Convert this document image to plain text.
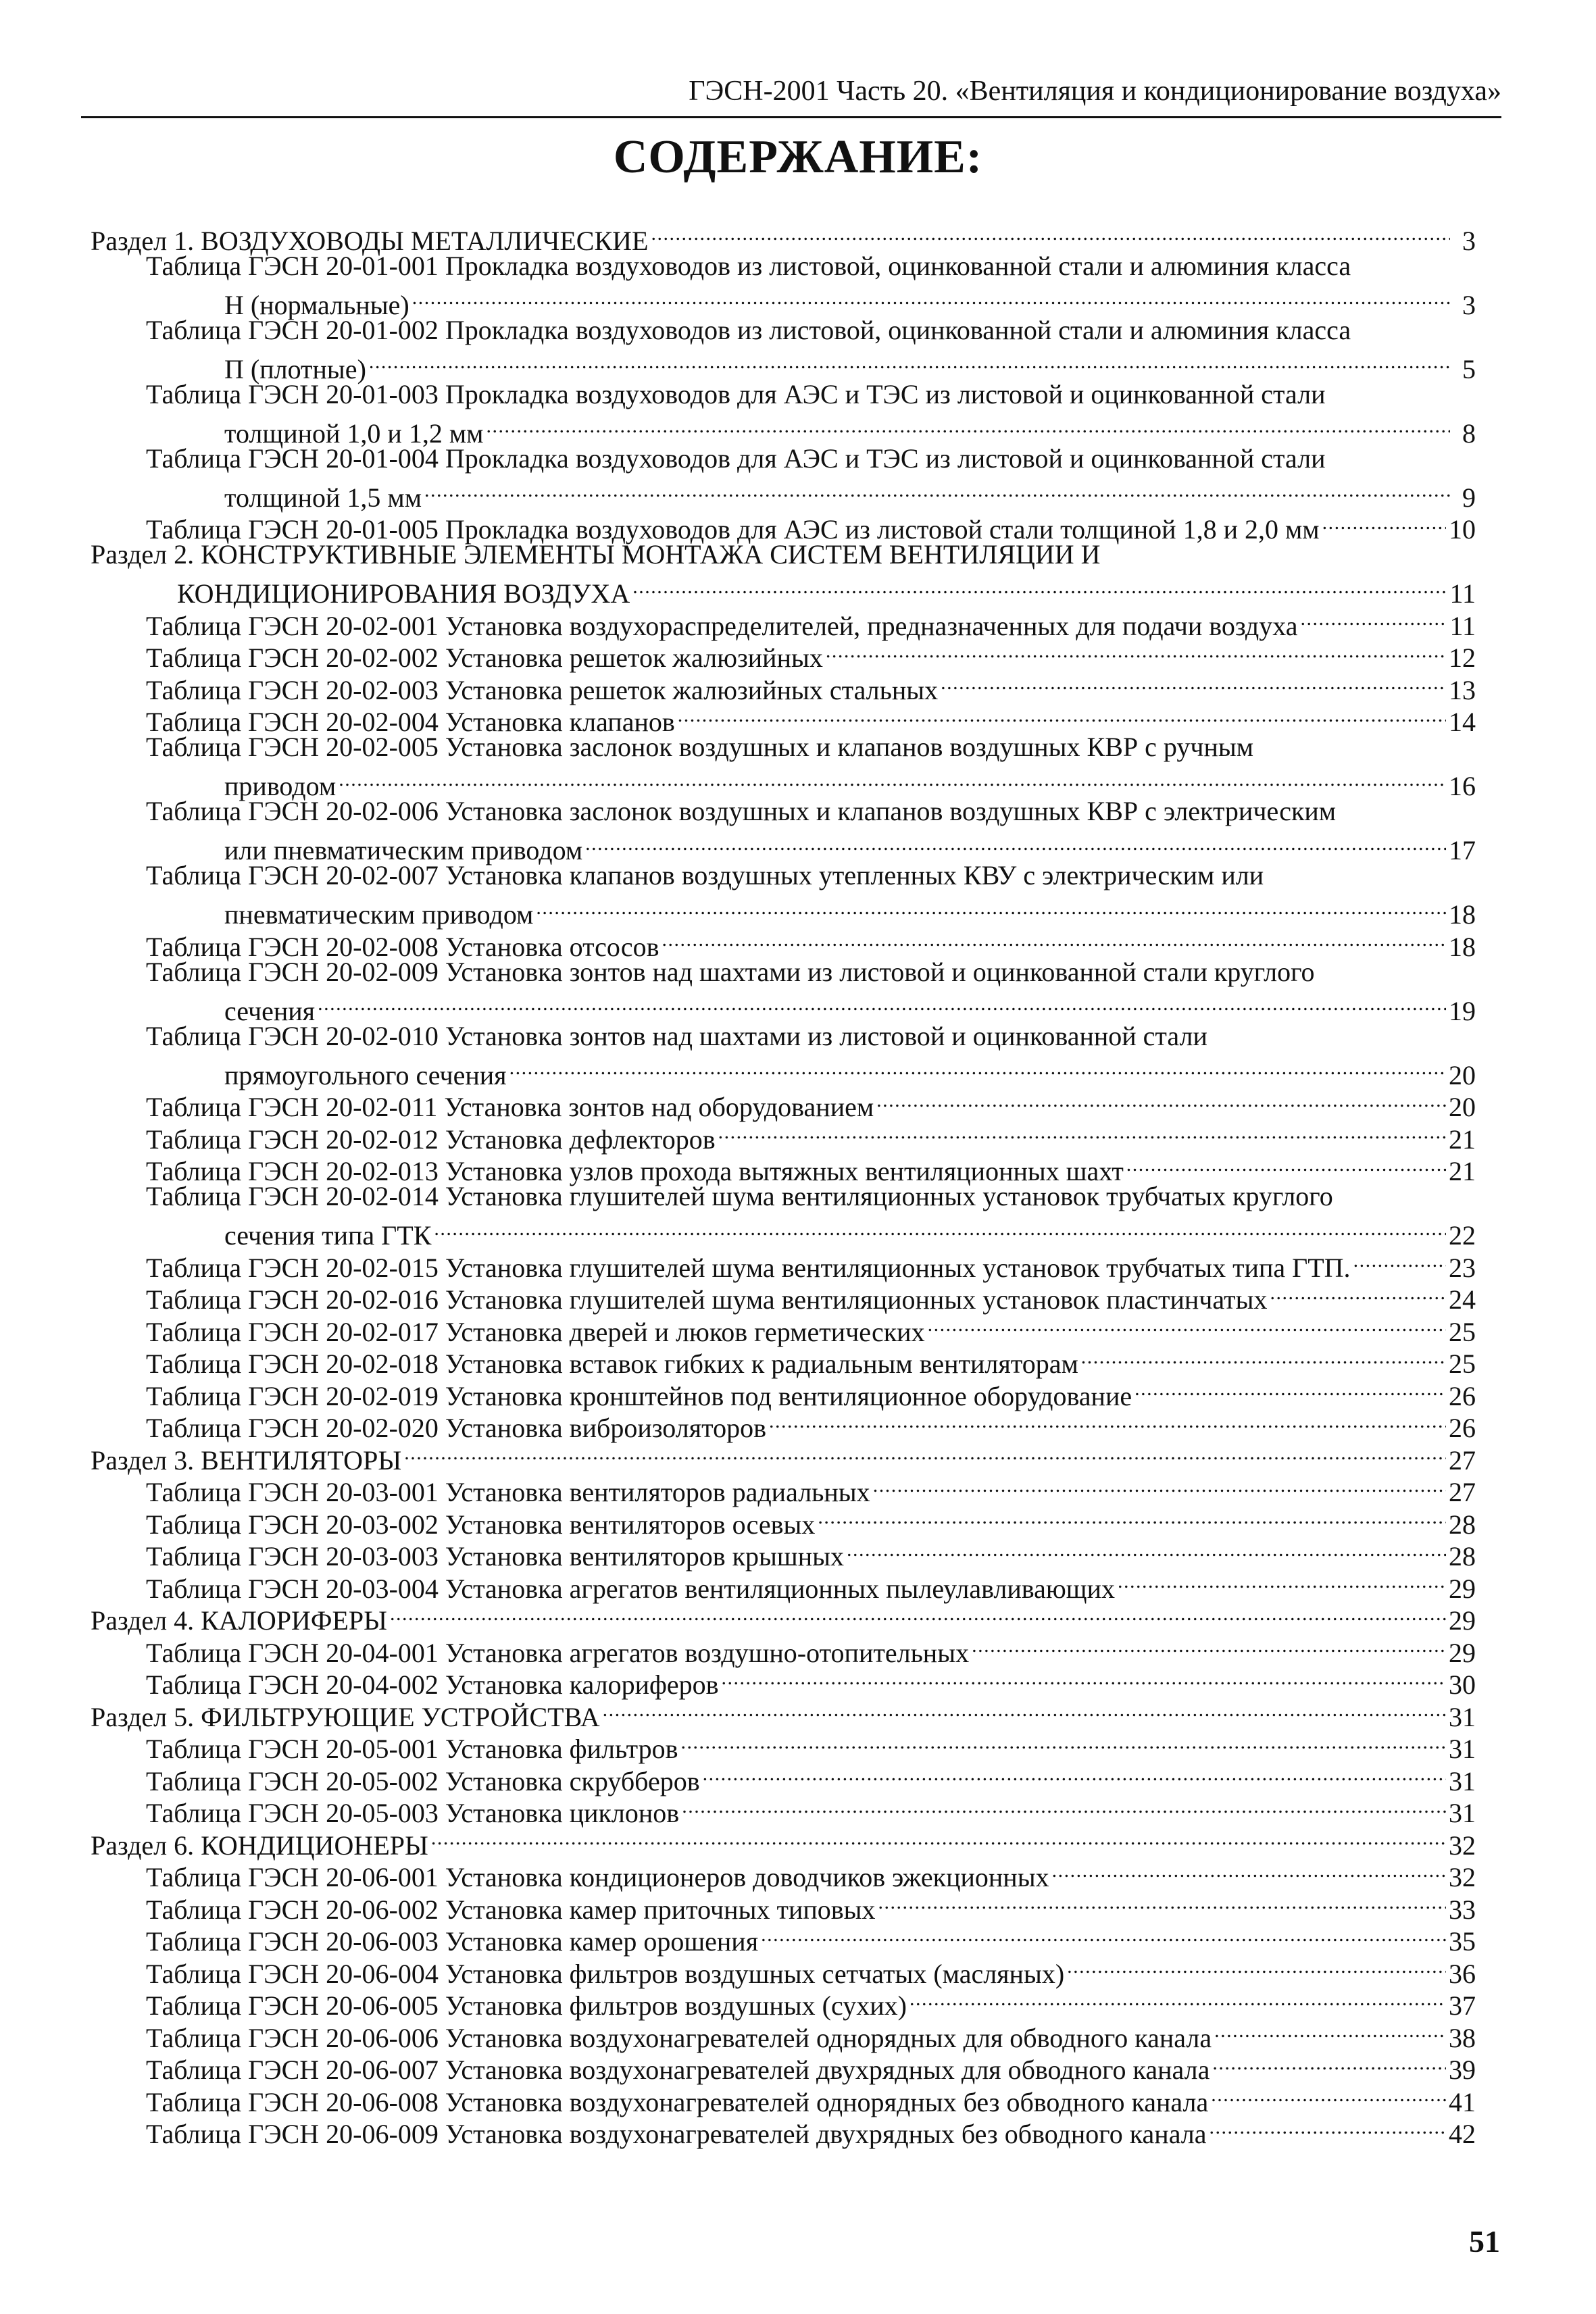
ГЭСН-2001 Часть 20. «Вентиляция и кондиционирование воздуха»
СОДЕРЖАНИЕ:
Раздел 1. ВОЗДУХОВОДЫ МЕТАЛЛИЧЕСКИЕ . . .	3
Таблица ГЭСН 20-01-001 Прокладка воздуховодов из листовой, оцинкованной стали и алюминия класса
Н (нормальные) . . .	3
Таблица ГЭСН 20-01-002 Прокладка воздуховодов из листовой, оцинкованной стали и алюминия класса
П (плотные) . . .	5
Таблица ГЭСН 20-01-003 Прокладка воздуховодов для АЭС и ТЭС из листовой и оцинкованной стали
толщиной 1,0 и 1,2 мм . . .	8
Таблица ГЭСН 20-01-004 Прокладка воздуховодов для АЭС и ТЭС из листовой и оцинкованной стали
толщиной 1,5 мм . . .	9
Таблица ГЭСН 20-01-005 Прокладка воздуховодов для АЭС из листовой стали толщиной 1,8 и 2,0 мм . . .	10
Раздел 2. КОНСТРУКТИВНЫЕ ЭЛЕМЕНТЫ МОНТАЖА СИСТЕМ ВЕНТИЛЯЦИИ И
КОНДИЦИОНИРОВАНИЯ ВОЗДУХА . . .	11
Таблица ГЭСН 20-02-001 Установка воздухораспределителей, предназначенных для подачи воздуха . . .	11
Таблица ГЭСН 20-02-002 Установка решеток жалюзийных . . .	12
Таблица ГЭСН 20-02-003 Установка решеток жалюзийных стальных . . .	13
Таблица ГЭСН 20-02-004 Установка клапанов . . .	14
Таблица ГЭСН 20-02-005 Установка заслонок воздушных и клапанов воздушных КВР с ручным
приводом . . .	16
Таблица ГЭСН 20-02-006 Установка заслонок воздушных и клапанов воздушных КВР с электрическим
или пневматическим приводом . . .	17
Таблица ГЭСН 20-02-007 Установка клапанов воздушных утепленных КВУ с электрическим или
пневматическим приводом . . .	18
Таблица ГЭСН 20-02-008 Установка отсосов . . .	18
Таблица ГЭСН 20-02-009 Установка зонтов над шахтами из листовой и оцинкованной стали круглого
сечения . . .	19
Таблица ГЭСН 20-02-010 Установка зонтов над шахтами из листовой и оцинкованной стали
прямоугольного сечения . . .	20
Таблица ГЭСН 20-02-011 Установка зонтов над оборудованием . . .	20
Таблица ГЭСН 20-02-012 Установка дефлекторов . . .	21
Таблица ГЭСН 20-02-013 Установка узлов прохода вытяжных вентиляционных шахт . . .	21
Таблица ГЭСН 20-02-014 Установка глушителей шума вентиляционных установок трубчатых круглого
сечения типа ГТК . . .	22
Таблица ГЭСН 20-02-015 Установка глушителей шума вентиляционных установок трубчатых типа ГТП. . . .	23
Таблица ГЭСН 20-02-016 Установка глушителей шума вентиляционных установок пластинчатых . . .	24
Таблица ГЭСН 20-02-017 Установка дверей и люков герметических . . .	25
Таблица ГЭСН 20-02-018 Установка вставок гибких к радиальным вентиляторам . . .	25
Таблица ГЭСН 20-02-019 Установка кронштейнов под вентиляционное оборудование . . .	26
Таблица ГЭСН 20-02-020 Установка виброизоляторов . . .	26
Раздел 3. ВЕНТИЛЯТОРЫ . . .	27
Таблица ГЭСН 20-03-001 Установка вентиляторов радиальных . . .	27
Таблица ГЭСН 20-03-002 Установка вентиляторов осевых . . .	28
Таблица ГЭСН 20-03-003 Установка вентиляторов крышных . . .	28
Таблица ГЭСН 20-03-004 Установка агрегатов вентиляционных пылеулавливающих . . .	29
Раздел 4. КАЛОРИФЕРЫ . . .	29
Таблица ГЭСН 20-04-001 Установка агрегатов воздушно-отопительных . . .	29
Таблица ГЭСН 20-04-002 Установка калориферов . . .	30
Раздел 5. ФИЛЬТРУЮЩИЕ УСТРОЙСТВА . . .	31
Таблица ГЭСН 20-05-001 Установка фильтров . . .	31
Таблица ГЭСН 20-05-002 Установка скрубберов . . .	31
Таблица ГЭСН 20-05-003 Установка циклонов . . .	31
Раздел 6. КОНДИЦИОНЕРЫ . . .	32
Таблица ГЭСН 20-06-001 Установка кондиционеров доводчиков эжекционных . . .	32
Таблица ГЭСН 20-06-002 Установка камер приточных типовых . . .	33
Таблица ГЭСН 20-06-003 Установка камер орошения . . .	35
Таблица ГЭСН 20-06-004 Установка фильтров воздушных сетчатых (масляных) . . .	36
Таблица ГЭСН 20-06-005 Установка фильтров воздушных (сухих) . . .	37
Таблица ГЭСН 20-06-006 Установка воздухонагревателей однорядных для обводного канала . . .	38
Таблица ГЭСН 20-06-007 Установка воздухонагревателей двухрядных для обводного канала . . .	39
Таблица ГЭСН 20-06-008 Установка воздухонагревателей однорядных без обводного канала . . .	41
Таблица ГЭСН 20-06-009 Установка воздухонагревателей двухрядных без обводного канала . . .	42
51
